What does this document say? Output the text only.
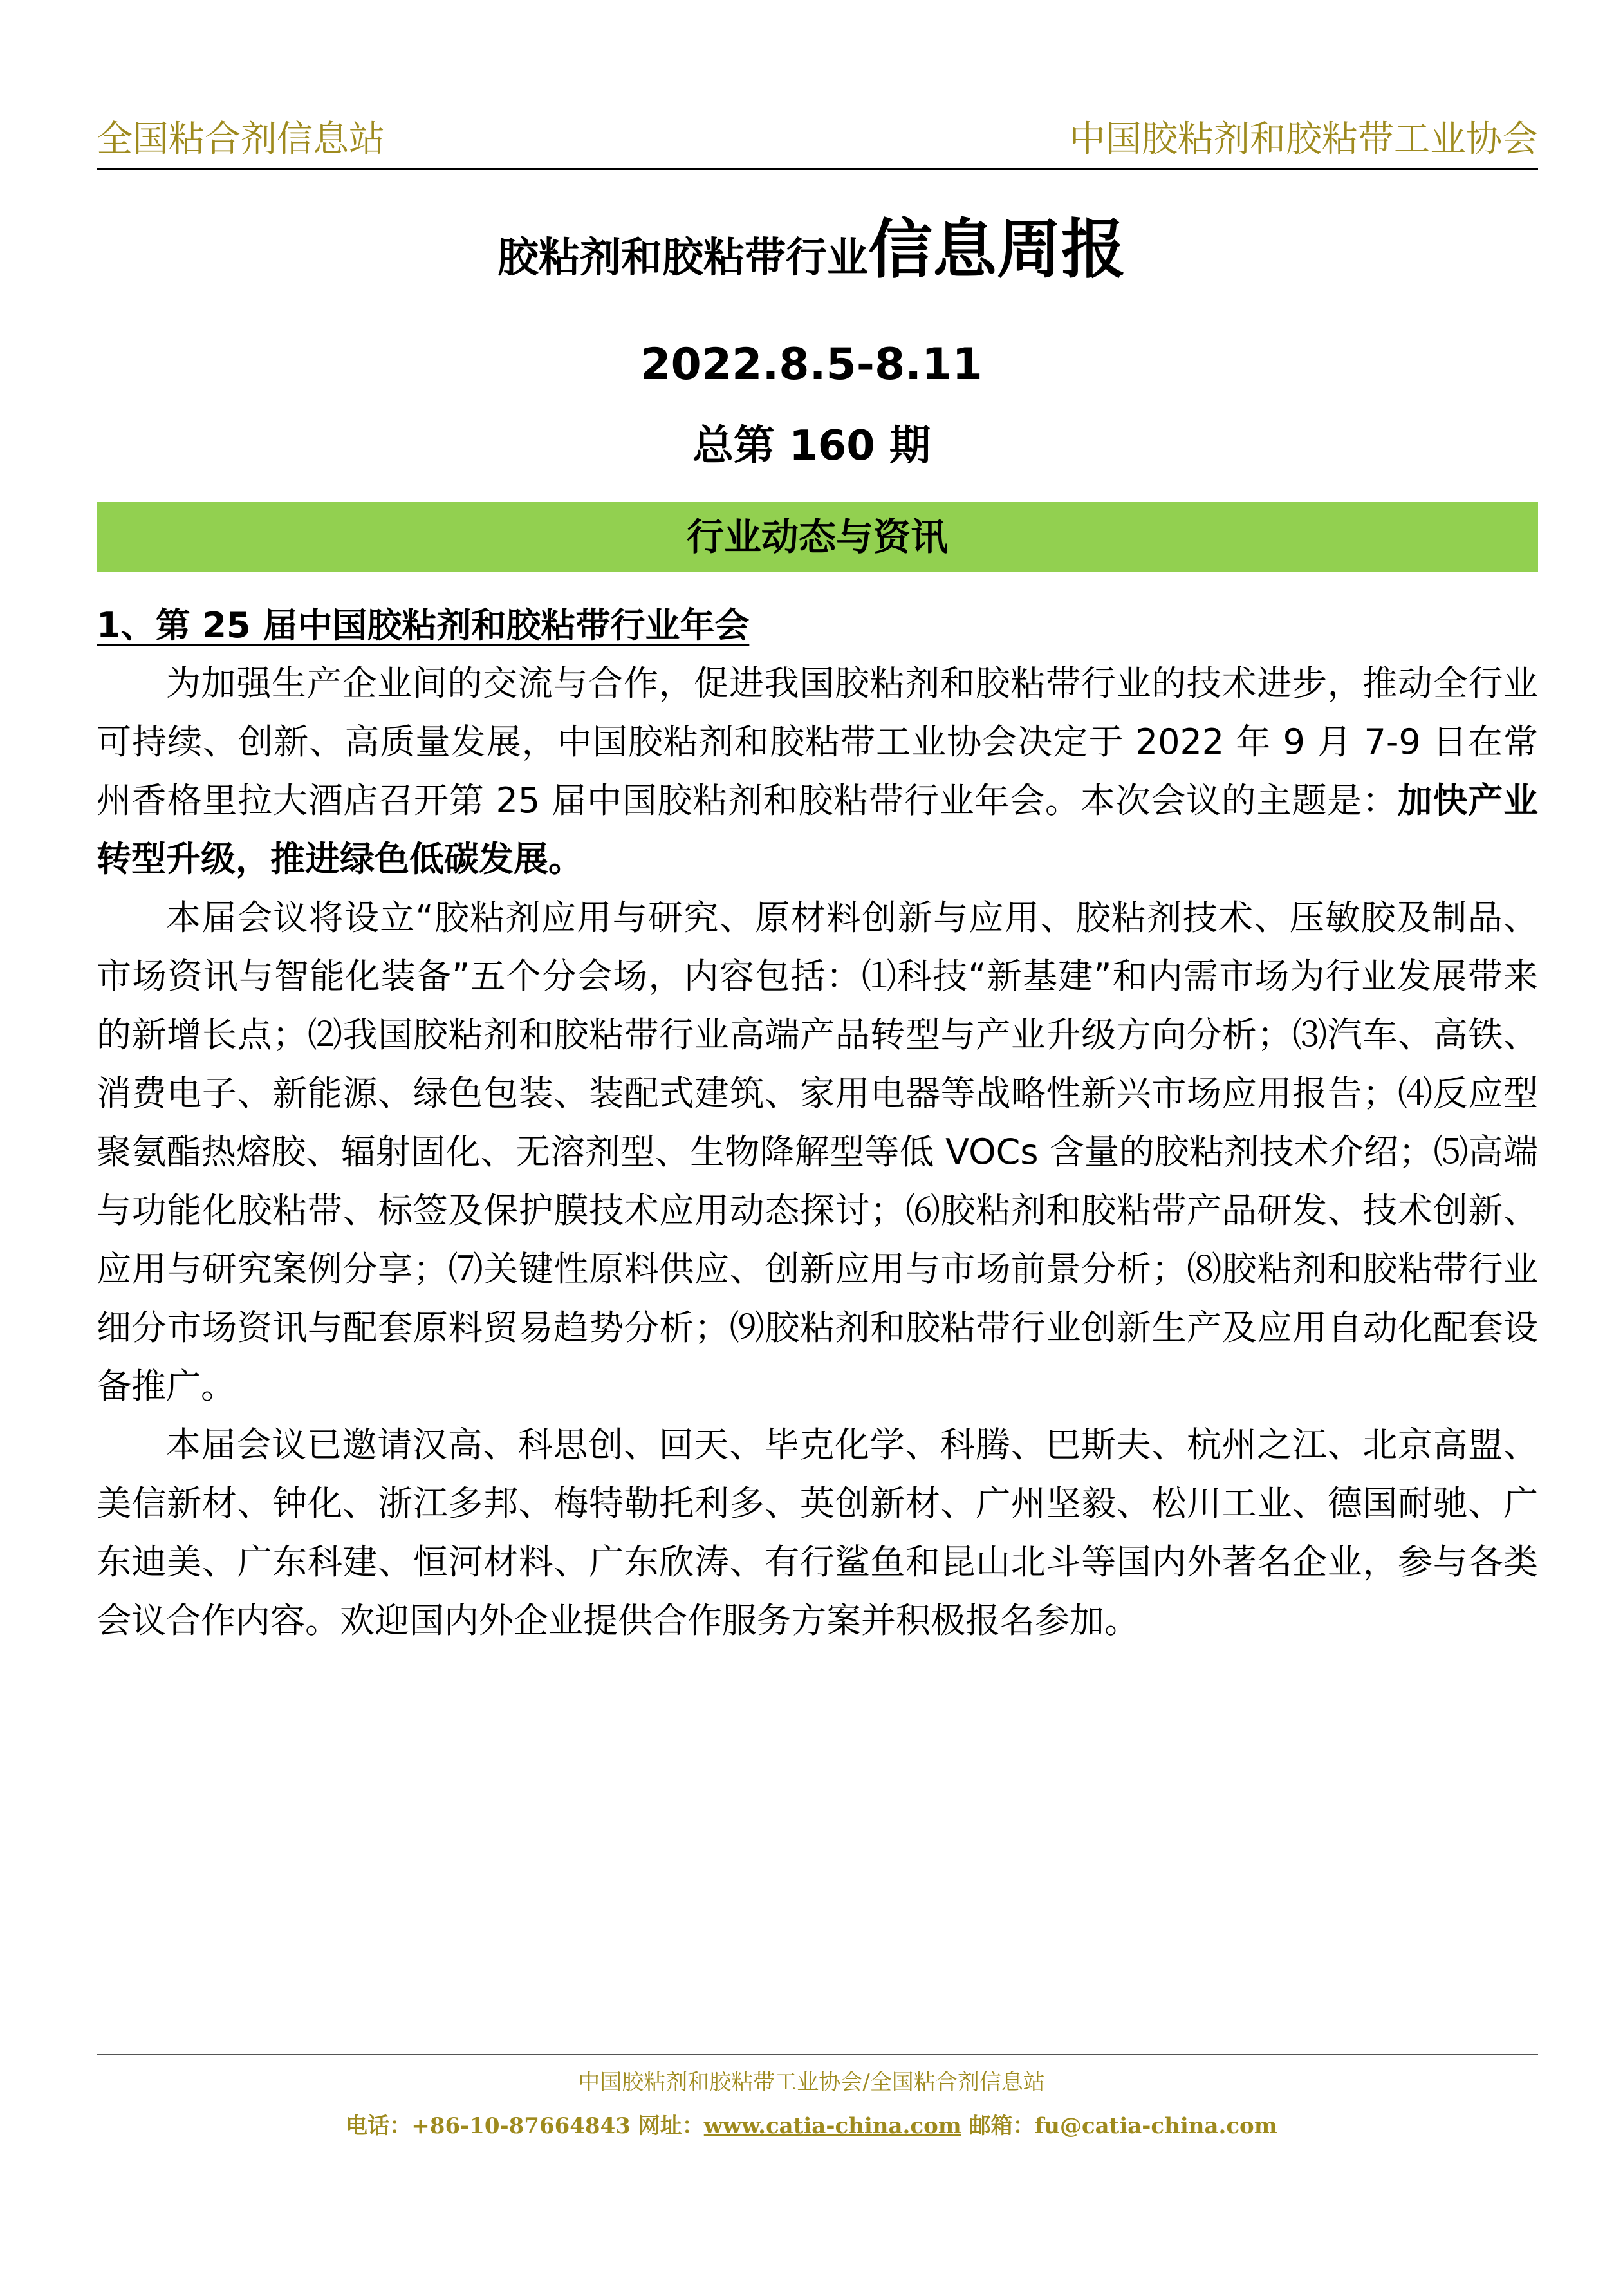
全国粘合剂信息站	中国胶粘剂和胶粘带工业协会
胶粘剂和胶粘带行业信息周报
2022.8.5-8.11
总第 160 期
行业动态与资讯
1、第 25 届中国胶粘剂和胶粘带行业年会

为加强生产企业间的交流与合作，促进我国胶粘剂和胶粘带行业的技术进步，推动全行业可持续、创新、高质量发展，中国胶粘剂和胶粘带工业协会决定于 2022 年 9 月 7-9 日在常州香格里拉大酒店召开第 25 届中国胶粘剂和胶粘带行业年会。本次会议的主题是：加快产业转型升级，推进绿色低碳发展。

本届会议将设立“胶粘剂应用与研究、原材料创新与应用、胶粘剂技术、压敏胶及制品、市场资讯与智能化装备”五个分会场，内容包括：⑴科技“新基建”和内需市场为行业发展带来的新增长点；⑵我国胶粘剂和胶粘带行业高端产品转型与产业升级方向分析；⑶汽车、高铁、消费电子、新能源、绿色包装、装配式建筑、家用电器等战略性新兴市场应用报告；⑷反应型聚氨酯热熔胶、辐射固化、无溶剂型、生物降解型等低 VOCs 含量的胶粘剂技术介绍；⑸高端与功能化胶粘带、标签及保护膜技术应用动态探讨；⑹胶粘剂和胶粘带产品研发、技术创新、应用与研究案例分享；⑺关键性原料供应、创新应用与市场前景分析；⑻胶粘剂和胶粘带行业细分市场资讯与配套原料贸易趋势分析；⑼胶粘剂和胶粘带行业创新生产及应用自动化配套设备推广。

本届会议已邀请汉高、科思创、回天、毕克化学、科腾、巴斯夫、杭州之江、北京高盟、美信新材、钟化、浙江多邦、梅特勒托利多、英创新材、广州坚毅、松川工业、德国耐驰、广东迪美、广东科建、恒河材料、广东欣涛、有行鲨鱼和昆山北斗等国内外著名企业，参与各类会议合作内容。欢迎国内外企业提供合作服务方案并积极报名参加。

中国胶粘剂和胶粘带工业协会/全国粘合剂信息站
电话：+86-10-87664843 网址：www.catia-china.com 邮箱：fu@catia-china.com
